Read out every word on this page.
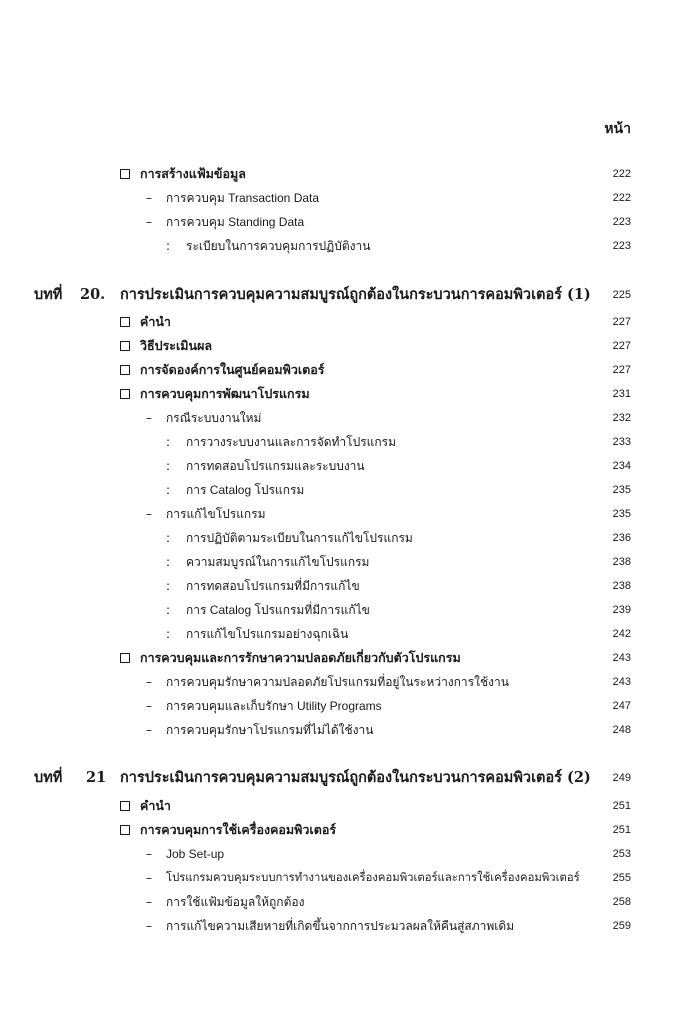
หน้า
การสร้างแฟ้มข้อมูล	222
– การควบคุม Transaction Data	222
– การควบคุม Standing Data	223
: ระเบียบในการควบคุมการปฏิบัติงาน	223
บทที่ 20. การประเมินการควบคุมความสมบูรณ์ถูกต้องในกระบวนการคอมพิวเตอร์ (1) 225
คำนำ	227
วิธีประเมินผล	227
การจัดองค์การในศูนย์คอมพิวเตอร์	227
การควบคุมการพัฒนาโปรแกรม	231
– กรณีระบบงานใหม่	232
: การวางระบบงานและการจัดทำโปรแกรม	233
: การทดสอบโปรแกรมและระบบงาน	234
: การ Catalog โปรแกรม	235
– การแก้ไขโปรแกรม	235
: การปฏิบัติตามระเบียบในการแก้ไขโปรแกรม	236
: ความสมบูรณ์ในการแก้ไขโปรแกรม	238
: การทดสอบโปรแกรมที่มีการแก้ไข	238
: การ Catalog โปรแกรมที่มีการแก้ไข	239
: การแก้ไขโปรแกรมอย่างฉุกเฉิน	242
การควบคุมและการรักษาความปลอดภัยเกี่ยวกับตัวโปรแกรม	243
– การควบคุมรักษาความปลอดภัยโปรแกรมที่อยู่ในระหว่างการใช้งาน	243
– การควบคุมและเก็บรักษา Utility Programs	247
– การควบคุมรักษาโปรแกรมที่ไม่ได้ใช้งาน	248
บทที่ 21 การประเมินการควบคุมความสมบูรณ์ถูกต้องในกระบวนการคอมพิวเตอร์ (2) 249
คำนำ	251
การควบคุมการใช้เครื่องคอมพิวเตอร์	251
– Job Set-up	253
– โปรแกรมควบคุมระบบการทำงานของเครื่องคอมพิวเตอร์และการใช้เครื่องคอมพิวเตอร์	255
– การใช้แฟ้มข้อมูลให้ถูกต้อง	258
– การแก้ไขความเสียหายที่เกิดขึ้นจากการประมวลผลให้คืนสู่สภาพเดิม	259
